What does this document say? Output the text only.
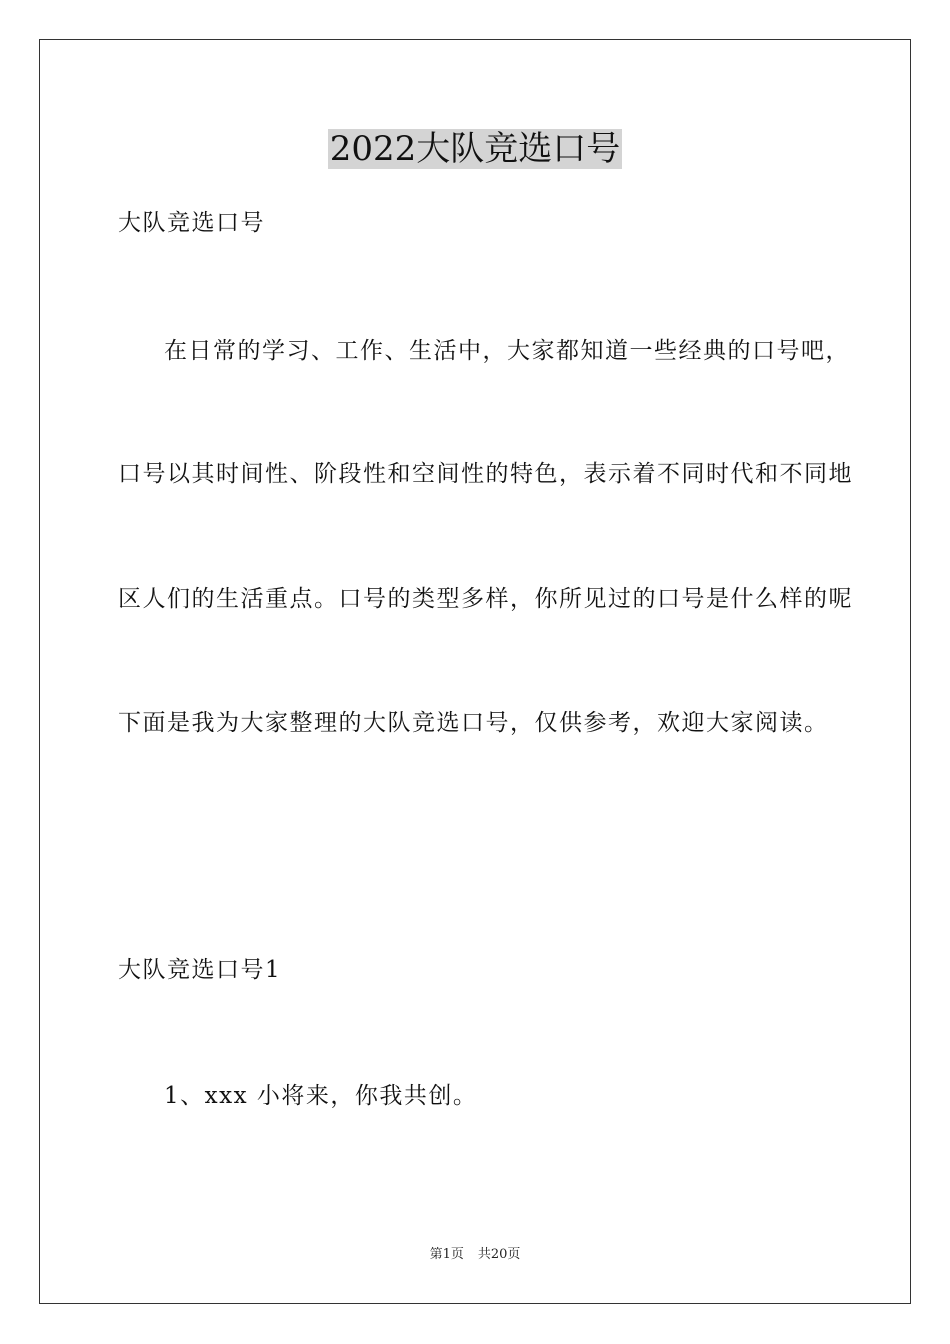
2022大队竞选口号
大队竞选口号
在日常的学习、工作、生活中，大家都知道一些经典的口号吧，
口号以其时间性、阶段性和空间性的特色，表示着不同时代和不同地
区人们的生活重点。口号的类型多样，你所见过的口号是什么样的呢
下面是我为大家整理的大队竞选口号，仅供参考，欢迎大家阅读。
大队竞选口号1
1、xxx 小将来，你我共创。
第1页 共20页
